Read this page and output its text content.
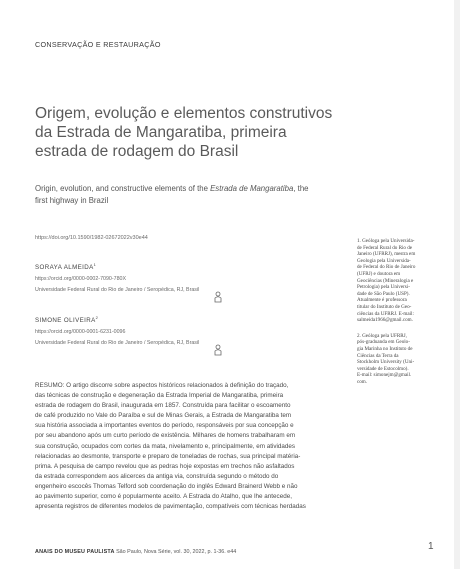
CONSERVAÇÃO E RESTAURAÇÃO
Origem, evolução e elementos construtivos
da Estrada de Mangaratiba, primeira
estrada de rodagem do Brasil
Origin, evolution, and constructive elements of the Estrada de Mangaratiba, the
first highway in Brazil
https://doi.org/10.1590/1982-02672022v30e44
SORAYA ALMEIDA$^1$
https://orcid.org/0000-0002-7090-780X
Universidade Federal Rural do Rio de Janeiro / Seropédica, RJ, Brasil
SIMONE OLIVEIRA$^2$
https://orcid.org/0000-0001-6231-0096
Universidade Federal Rural do Rio de Janeiro / Seropédica, RJ, Brasil

1. Geóloga pela Universida-
de Federal Rural do Rio de
Janeiro (UFRRJ), mestra em
Geologia pela Universida-
de Federal do Rio de Janeiro
(UFRJ) e doutora em
Geociências (Mineralogia e
Petrologia) pela Universi-
dade de São Paulo (USP).
Atualmente é professora
titular do Instituto de Geo-
ciências da UFRRJ. E-mail:
salmeida1966@gmail.com.

2. Geóloga pela UFRRJ,
pós-graduanda em Geolo-
gia Marinha no Instituto de
Ciências da Terra da
Stockholm University (Uni-
versidade de Estocolmo).
E-mail: simonejm@gmail.
com.

RESUMO: O artigo discorre sobre aspectos históricos relacionados à definição do traçado,
das técnicas de construção e degeneração da Estrada Imperial de Mangaratiba, primeira
estrada de rodagem do Brasil, inaugurada em 1857. Construída para facilitar o escoamento
de café produzido no Vale do Paraíba e sul de Minas Gerais, a Estrada de Mangaratiba tem
sua história associada a importantes eventos do período, responsáveis por sua concepção e
por seu abandono após um curto período de existência. Milhares de homens trabalharam em
sua construção, ocupados com cortes da mata, nivelamento e, principalmente, em atividades
relacionadas ao desmonte, transporte e preparo de toneladas de rochas, sua principal matéria-
prima. A pesquisa de campo revelou que as pedras hoje expostas em trechos não asfaltados
da estrada correspondem aos alicerces da antiga via, construída segundo o método do
engenheiro escocês Thomas Telford sob coordenação do inglês Edward Brainerd Webb e não
ao pavimento superior, como é popularmente aceito. A Estrada do Atalho, que lhe antecede,
apresenta registros de diferentes modelos de pavimentação, compatíveis com técnicas herdadas
ANAIS DO MUSEU PAULISTA São Paulo, Nova Série, vol. 30, 2022, p. 1-36. e44	1
